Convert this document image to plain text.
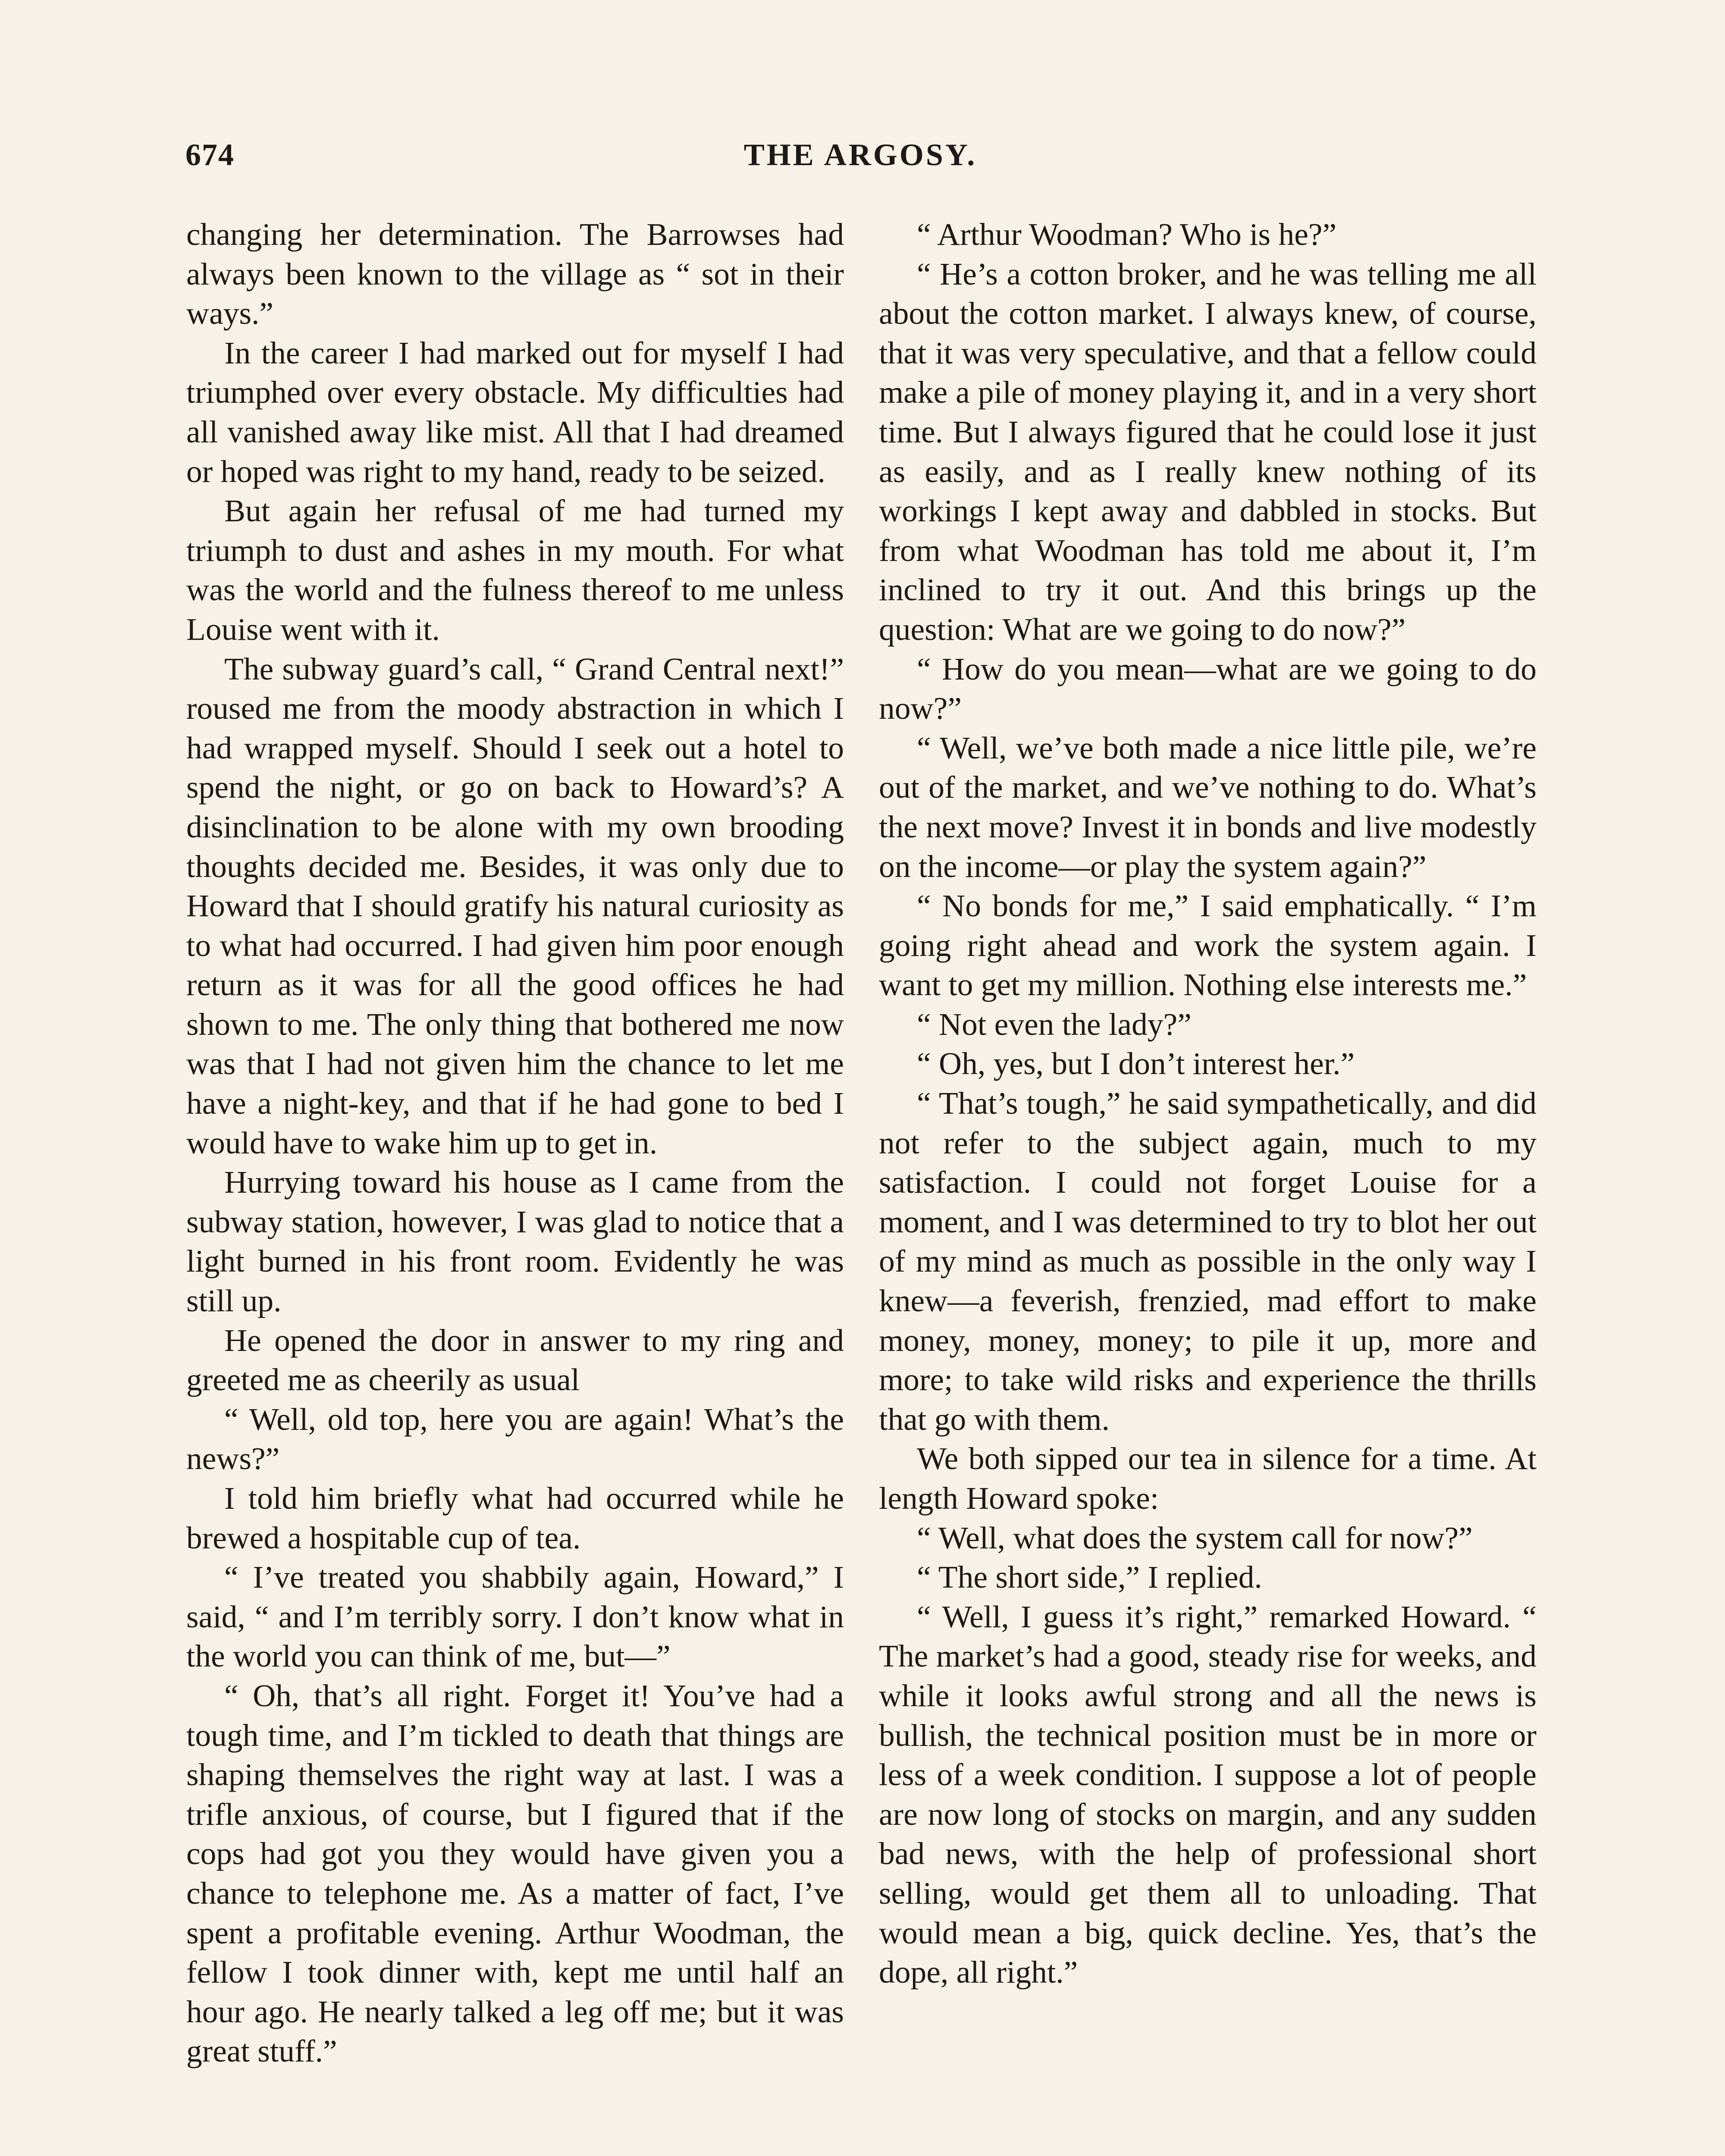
674	THE ARGOSY.

changing her determination. The Barrowses had always been known to the village as “ sot in their ways.”

In the career I had marked out for myself I had triumphed over every obstacle. My difficulties had all vanished away like mist. All that I had dreamed or hoped was right to my hand, ready to be seized.

But again her refusal of me had turned my triumph to dust and ashes in my mouth. For what was the world and the fulness thereof to me unless Louise went with it.

The subway guard’s call, “ Grand Central next!” roused me from the moody abstraction in which I had wrapped myself. Should I seek out a hotel to spend the night, or go on back to Howard’s? A disinclination to be alone with my own brooding thoughts decided me. Besides, it was only due to Howard that I should gratify his natural curiosity as to what had occurred. I had given him poor enough return as it was for all the good offices he had shown to me. The only thing that bothered me now was that I had not given him the chance to let me have a night-key, and that if he had gone to bed I would have to wake him up to get in.

Hurrying toward his house as I came from the subway station, however, I was glad to notice that a light burned in his front room. Evidently he was still up.

He opened the door in answer to my ring and greeted me as cheerily as usual

“ Well, old top, here you are again! What’s the news?”

I told him briefly what had occurred while he brewed a hospitable cup of tea.

“ I’ve treated you shabbily again, Howard,” I said, “ and I’m terribly sorry. I don’t know what in the world you can think of me, but—”

“ Oh, that’s all right. Forget it! You’ve had a tough time, and I’m tickled to death that things are shaping themselves the right way at last. I was a trifle anxious, of course, but I figured that if the cops had got you they would have given you a chance to telephone me. As a matter of fact, I’ve spent a profitable evening. Arthur Woodman, the fellow I took dinner with, kept me until half an hour ago. He nearly talked a leg off me; but it was great stuff.”

“ Arthur Woodman? Who is he?”

“ He’s a cotton broker, and he was telling me all about the cotton market. I always knew, of course, that it was very speculative, and that a fellow could make a pile of money playing it, and in a very short time. But I always figured that he could lose it just as easily, and as I really knew nothing of its workings I kept away and dabbled in stocks. But from what Woodman has told me about it, I’m inclined to try it out. And this brings up the question: What are we going to do now?”

“ How do you mean—what are we going to do now?”

“ Well, we’ve both made a nice little pile, we’re out of the market, and we’ve nothing to do. What’s the next move? Invest it in bonds and live modestly on the income—or play the system again?”

“ No bonds for me,” I said emphatically. “ I’m going right ahead and work the system again. I want to get my million. Nothing else interests me.”

“ Not even the lady?”

“ Oh, yes, but I don’t interest her.”

“ That’s tough,” he said sympathetically, and did not refer to the subject again, much to my satisfaction. I could not forget Louise for a moment, and I was determined to try to blot her out of my mind as much as possible in the only way I knew—a feverish, frenzied, mad effort to make money, money, money; to pile it up, more and more; to take wild risks and experience the thrills that go with them.

We both sipped our tea in silence for a time. At length Howard spoke:

“ Well, what does the system call for now?”

“ The short side,” I replied.

“ Well, I guess it’s right,” remarked Howard. “ The market’s had a good, steady rise for weeks, and while it looks awful strong and all the news is bullish, the technical position must be in more or less of a week condition. I suppose a lot of people are now long of stocks on margin, and any sudden bad news, with the help of professional short selling, would get them all to unloading. That would mean a big, quick decline. Yes, that’s the dope, all right.”
